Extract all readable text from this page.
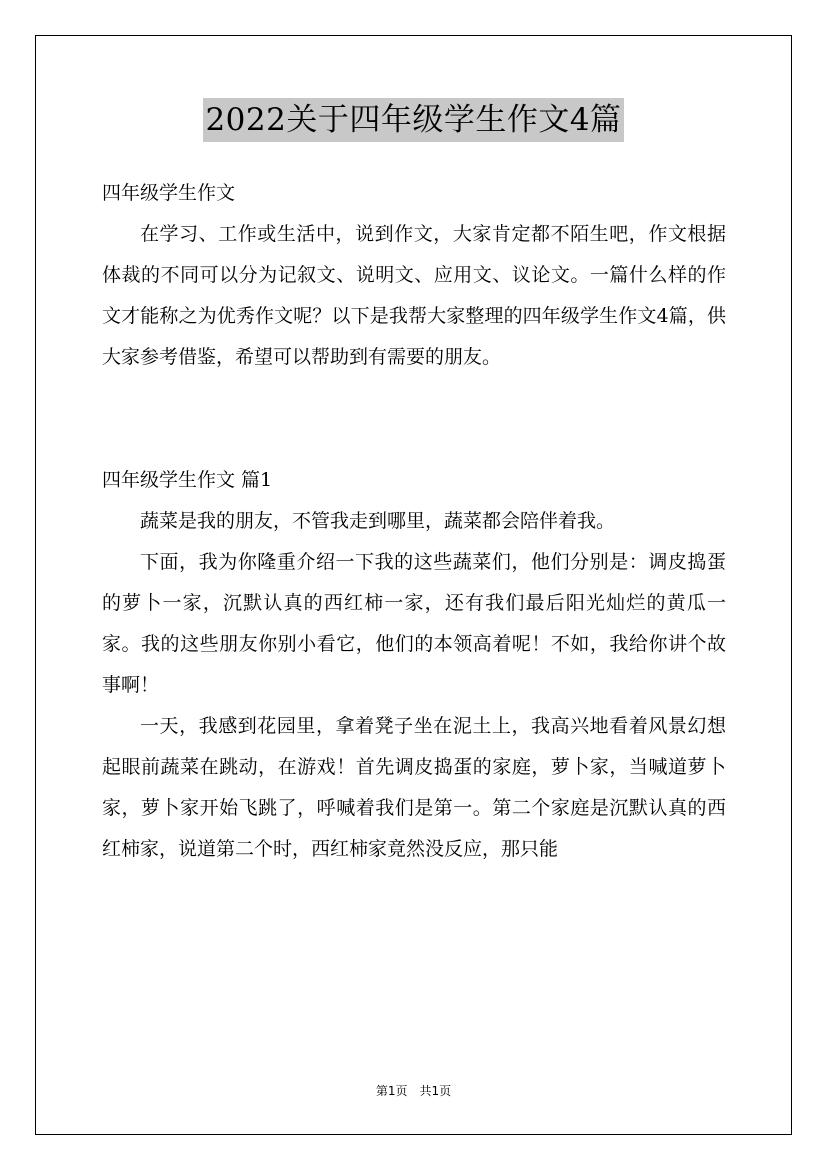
2022关于四年级学生作文4篇

四年级学生作文

在学习、工作或生活中，说到作文，大家肯定都不陌生吧，作文根据体裁的不同可以分为记叙文、说明文、应用文、议论文。一篇什么样的作文才能称之为优秀作文呢？以下是我帮大家整理的四年级学生作文4篇，供大家参考借鉴，希望可以帮助到有需要的朋友。

四年级学生作文 篇1

蔬菜是我的朋友，不管我走到哪里，蔬菜都会陪伴着我。

下面，我为你隆重介绍一下我的这些蔬菜们，他们分别是：调皮捣蛋的萝卜一家，沉默认真的西红柿一家，还有我们最后阳光灿烂的黄瓜一家。我的这些朋友你别小看它，他们的本领高着呢！不如，我给你讲个故事啊！

一天，我感到花园里，拿着凳子坐在泥土上，我高兴地看着风景幻想起眼前蔬菜在跳动，在游戏！首先调皮捣蛋的家庭，萝卜家，当喊道萝卜家，萝卜家开始飞跳了，呼喊着我们是第一。第二个家庭是沉默认真的西红柿家，说道第二个时，西红柿家竟然没反应，那只能

第1页　共1页
